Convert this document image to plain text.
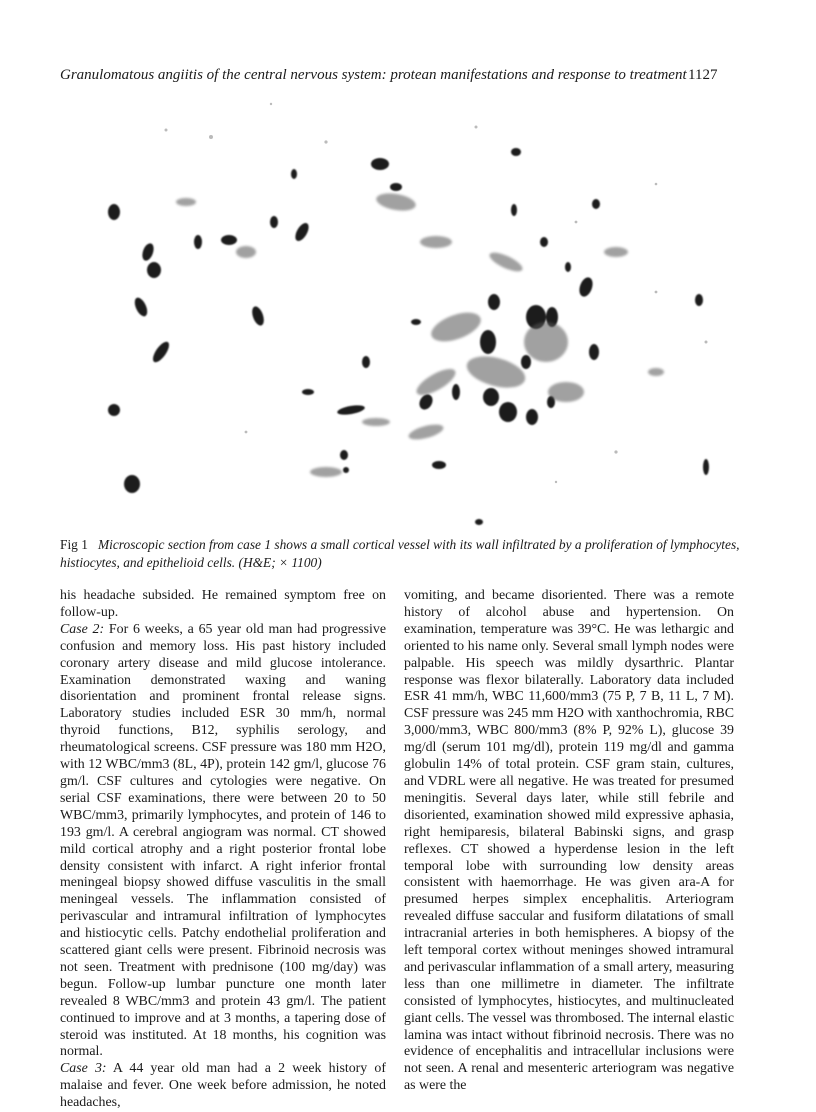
Granulomatous angiitis of the central nervous system: protean manifestations and response to treatment 1127
Fig 1 Microscopic section from case 1 shows a small cortical vessel with its wall infiltrated by a proliferation of lymphocytes, histiocytes, and epithelioid cells. (H&E; × 1100)

his headache subsided. He remained symptom free on follow-up.

Case 2: For 6 weeks, a 65 year old man had progressive confusion and memory loss. His past history included coronary artery disease and mild glucose intolerance. Examination demonstrated waxing and waning disorientation and prominent frontal release signs. Laboratory studies included ESR 30 mm/h, normal thyroid functions, B12, syphilis serology, and rheumatological screens. CSF pressure was 180 mm H2O, with 12 WBC/mm3 (8L, 4P), protein 142 gm/l, glucose 76 gm/l. CSF cultures and cytologies were negative. On serial CSF examinations, there were between 20 to 50 WBC/mm3, primarily lymphocytes, and protein of 146 to 193 gm/l. A cerebral angiogram was normal. CT showed mild cortical atrophy and a right posterior frontal lobe density consistent with infarct. A right inferior frontal meningeal biopsy showed diffuse vasculitis in the small meningeal vessels. The inflammation consisted of perivascular and intramural infiltration of lymphocytes and histiocytic cells. Patchy endothelial proliferation and scattered giant cells were present. Fibrinoid necrosis was not seen. Treatment with prednisone (100 mg/day) was begun. Follow-up lumbar puncture one month later revealed 8 WBC/mm3 and protein 43 gm/l. The patient continued to improve and at 3 months, a tapering dose of steroid was instituted. At 18 months, his cognition was normal.

Case 3: A 44 year old man had a 2 week history of malaise and fever. One week before admission, he noted headaches,

vomiting, and became disoriented. There was a remote history of alcohol abuse and hypertension. On examination, temperature was 39°C. He was lethargic and oriented to his name only. Several small lymph nodes were palpable. His speech was mildly dysarthric. Plantar response was flexor bilaterally. Laboratory data included ESR 41 mm/h, WBC 11,600/mm3 (75 P, 7 B, 11 L, 7 M). CSF pressure was 245 mm H2O with xanthochromia, RBC 3,000/mm3, WBC 800/mm3 (8% P, 92% L), glucose 39 mg/dl (serum 101 mg/dl), protein 119 mg/dl and gamma globulin 14% of total protein. CSF gram stain, cultures, and VDRL were all negative. He was treated for presumed meningitis. Several days later, while still febrile and disoriented, examination showed mild expressive aphasia, right hemiparesis, bilateral Babinski signs, and grasp reflexes. CT showed a hyperdense lesion in the left temporal lobe with surrounding low density areas consistent with haemorrhage. He was given ara-A for presumed herpes simplex encephalitis. Arteriogram revealed diffuse saccular and fusiform dilatations of small intracranial arteries in both hemispheres. A biopsy of the left temporal cortex without meninges showed intramural and perivascular inflammation of a small artery, measuring less than one millimetre in diameter. The infiltrate consisted of lymphocytes, histiocytes, and multinucleated giant cells. The vessel was thrombosed. The internal elastic lamina was intact without fibrinoid necrosis. There was no evidence of encephalitis and intracellular inclusions were not seen. A renal and mesenteric arteriogram was negative as were the
